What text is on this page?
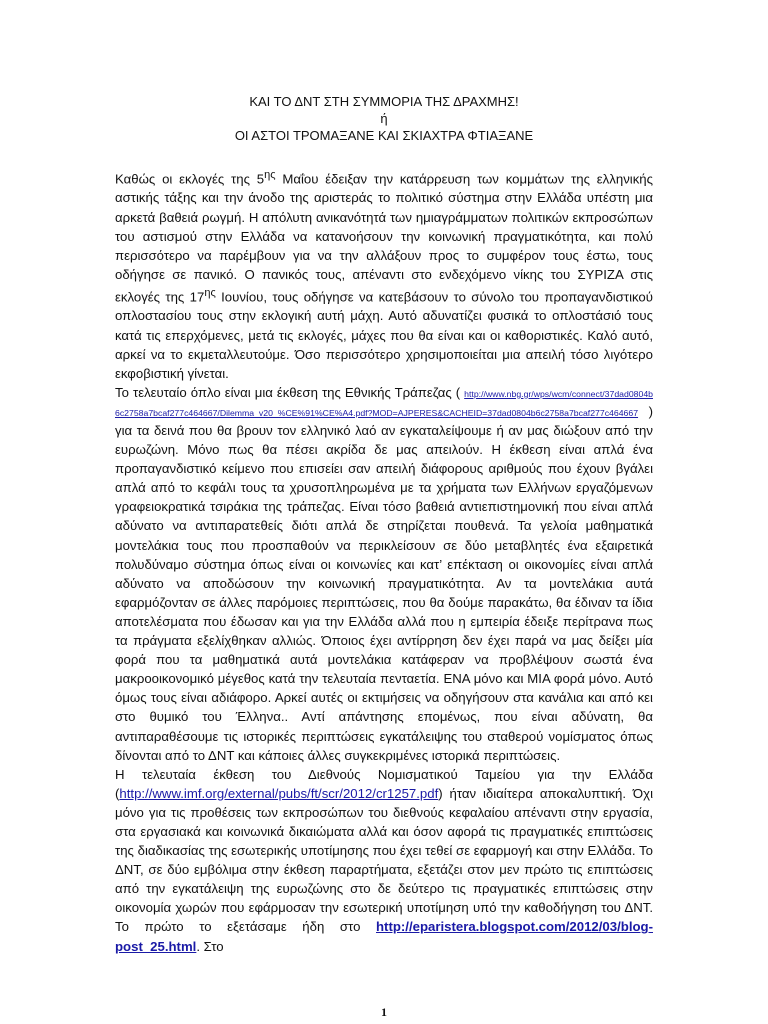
ΚΑΙ ΤΟ ΔΝΤ ΣΤΗ ΣΥΜΜΟΡΙΑ ΤΗΣ ΔΡΑΧΜΗΣ!
ή
ΟΙ ΑΣΤΟΙ ΤΡΟΜΑΞΑΝΕ ΚΑΙ ΣΚΙΑΧΤΡΑ ΦΤΙΑΞΑΝΕ

Καθώς οι εκλογές της $5^{\eta\varsigma}$ Μαΐου έδειξαν την κατάρρευση των κομμάτων της ελληνικής αστικής τάξης και την άνοδο της αριστεράς το πολιτικό σύστημα στην Ελλάδα υπέστη μια αρκετά βαθειά ρωγμή. Η απόλυτη ανικανότητά των ημιαγράμματων πολιτικών εκπροσώπων του αστισμού στην Ελλάδα να κατανοήσουν την κοινωνική πραγματικότητα, και πολύ περισσότερο να παρέμβουν για να την αλλάξουν προς το συμφέρον τους έστω, τους οδήγησε σε πανικό. Ο πανικός τους, απέναντι στο ενδεχόμενο νίκης του ΣΥΡΙΖΑ στις εκλογές της $17^{\eta\varsigma}$ Ιουνίου, τους οδήγησε να κατεβάσουν το σύνολο του προπαγανδιστικού οπλοστασίου τους στην εκλογική αυτή μάχη. Αυτό αδυνατίζει φυσικά το οπλοστάσιό τους κατά τις επερχόμενες, μετά τις εκλογές, μάχες που θα είναι και οι καθοριστικές. Καλό αυτό, αρκεί να το εκμεταλλευτούμε. Όσο περισσότερο χρησιμοποιείται μια απειλή τόσο λιγότερο εκφοβιστική γίνεται.

Το τελευταίο όπλο είναι μια έκθεση της Εθνικής Τράπεζας ( http://www.nbg.gr/wps/wcm/connect/37dad0804b6c2758a7bcaf277c464667/Dilemma_v20_%CE%91%CE%A4.pdf?MOD=AJPERES&CACHEID=37dad0804b6c2758a7bcaf277c464667 ) για τα δεινά που θα βρουν τον ελληνικό λαό αν εγκαταλείψουμε ή αν μας διώξουν από την ευρωζώνη. Μόνο πως θα πέσει ακρίδα δε μας απειλούν. Η έκθεση είναι απλά ένα προπαγανδιστικό κείμενο που επισείει σαν απειλή διάφορους αριθμούς που έχουν βγάλει απλά από το κεφάλι τους τα χρυσοπληρωμένα με τα χρήματα των Ελλήνων εργαζόμενων γραφειοκρατικά τσιράκια της τράπεζας. Είναι τόσο βαθειά αντιεπιστημονική που είναι απλά αδύνατο να αντιπαρατεθείς διότι απλά δε στηρίζεται πουθενά. Τα γελοία μαθηματικά μοντελάκια τους που προσπαθούν να περικλείσουν σε δύο μεταβλητές ένα εξαιρετικά πολυδύναμο σύστημα όπως είναι οι κοινωνίες και κατ’ επέκταση οι οικονομίες είναι απλά αδύνατο να αποδώσουν την κοινωνική πραγματικότητα. Αν τα μοντελάκια αυτά εφαρμόζονταν σε άλλες παρόμοιες περιπτώσεις, που θα δούμε παρακάτω, θα έδιναν τα ίδια αποτελέσματα που έδωσαν και για την Ελλάδα αλλά που η εμπειρία έδειξε περίτρανα πως τα πράγματα εξελίχθηκαν αλλιώς. Όποιος έχει αντίρρηση δεν έχει παρά να μας δείξει μία φορά που τα μαθηματικά αυτά μοντελάκια κατάφεραν να προβλέψουν σωστά ένα μακροοικονομικό μέγεθος κατά την τελευταία πενταετία. ΕΝΑ μόνο και ΜΙΑ φορά μόνο. Αυτό όμως τους είναι αδιάφορο. Αρκεί αυτές οι εκτιμήσεις να οδηγήσουν στα κανάλια και από κει στο θυμικό του Έλληνα.. Αντί απάντησης επομένως, που είναι αδύνατη, θα αντιπαραθέσουμε τις ιστορικές περιπτώσεις εγκατάλειψης του σταθερού νομίσματος όπως δίνονται από το ΔΝΤ και κάποιες άλλες συγκεκριμένες ιστορικά περιπτώσεις.

Η τελευταία έκθεση του Διεθνούς Νομισματικού Ταμείου για την Ελλάδα (http://www.imf.org/external/pubs/ft/scr/2012/cr1257.pdf) ήταν ιδιαίτερα αποκαλυπτική. Όχι μόνο για τις προθέσεις των εκπροσώπων του διεθνούς κεφαλαίου απέναντι στην εργασία, στα εργασιακά και κοινωνικά δικαιώματα αλλά και όσον αφορά τις πραγματικές επιπτώσεις της διαδικασίας της εσωτερικής υποτίμησης που έχει τεθεί σε εφαρμογή και στην Ελλάδα. Το ΔΝΤ, σε δύο εμβόλιμα στην έκθεση παραρτήματα, εξετάζει στον μεν πρώτο τις επιπτώσεις από την εγκατάλειψη της ευρωζώνης στο δε δεύτερο τις πραγματικές επιπτώσεις στην οικονομία χωρών που εφάρμοσαν την εσωτερική υποτίμηση υπό την καθοδήγηση του ΔΝΤ. Το πρώτο το εξετάσαμε ήδη στο http://eparistera.blogspot.com/2012/03/blog-post_25.html. Στο

1
